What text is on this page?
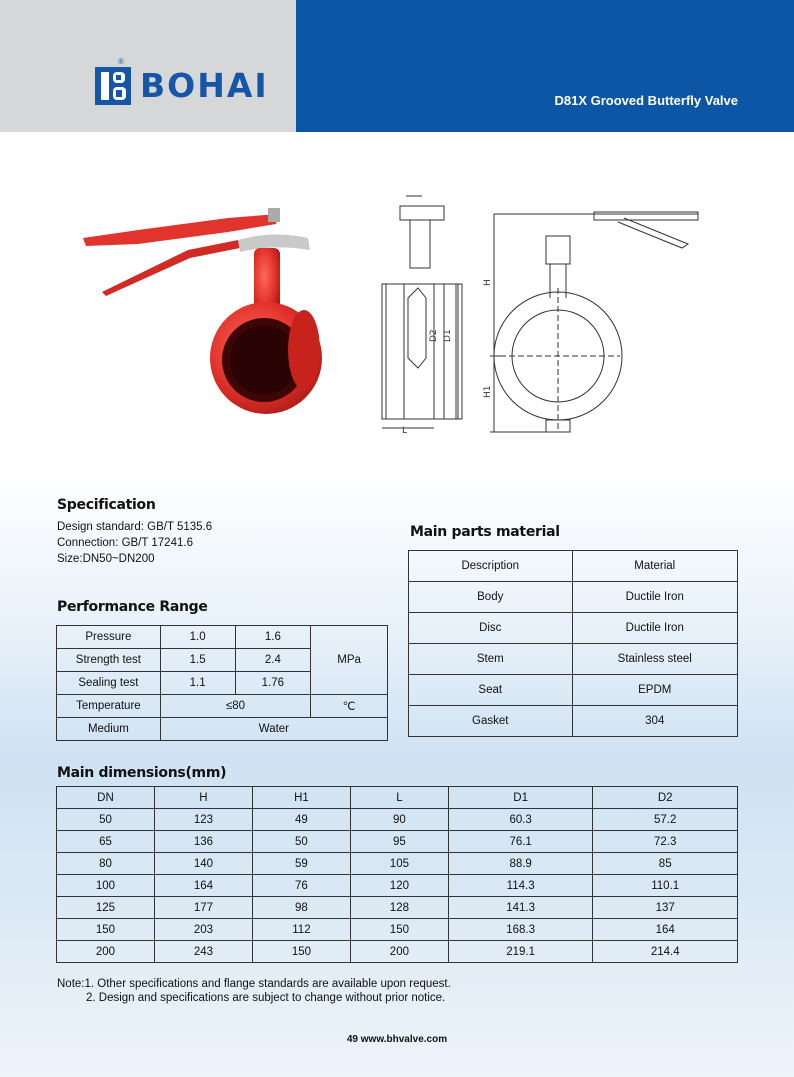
BOHAI
®
D81X Grooved Butterfly Valve
D2 D1
L
H
H1
Specification
Design standard: GB/T 5135.6
Connection: GB/T 17241.6
Size:DN50~DN200
Performance Range
Pressure	1.0	1.6	MPa
Strength test	1.5	2.4	
Sealing test	1.1	1.76	
Temperature	≤80		℃
Medium	Water		
Main parts material
Description	Material
Body	Ductile Iron
Disc	Ductile Iron
Stem	Stainless steel
Seat	EPDM
Gasket	304
Main dimensions(mm)
DN	H	H1	L	D1	D2
50	123	49	90	60.3	57.2
65	136	50	95	76.1	72.3
80	140	59	105	88.9	85
100	164	76	120	114.3	110.1
125	177	98	128	141.3	137
150	203	112	150	168.3	164
200	243	150	200	219.1	214.4
Note:1. Other specifications and flange standards are available upon request.
2. Design and specifications are subject to change without prior notice.
49 www.bhvalve.com
